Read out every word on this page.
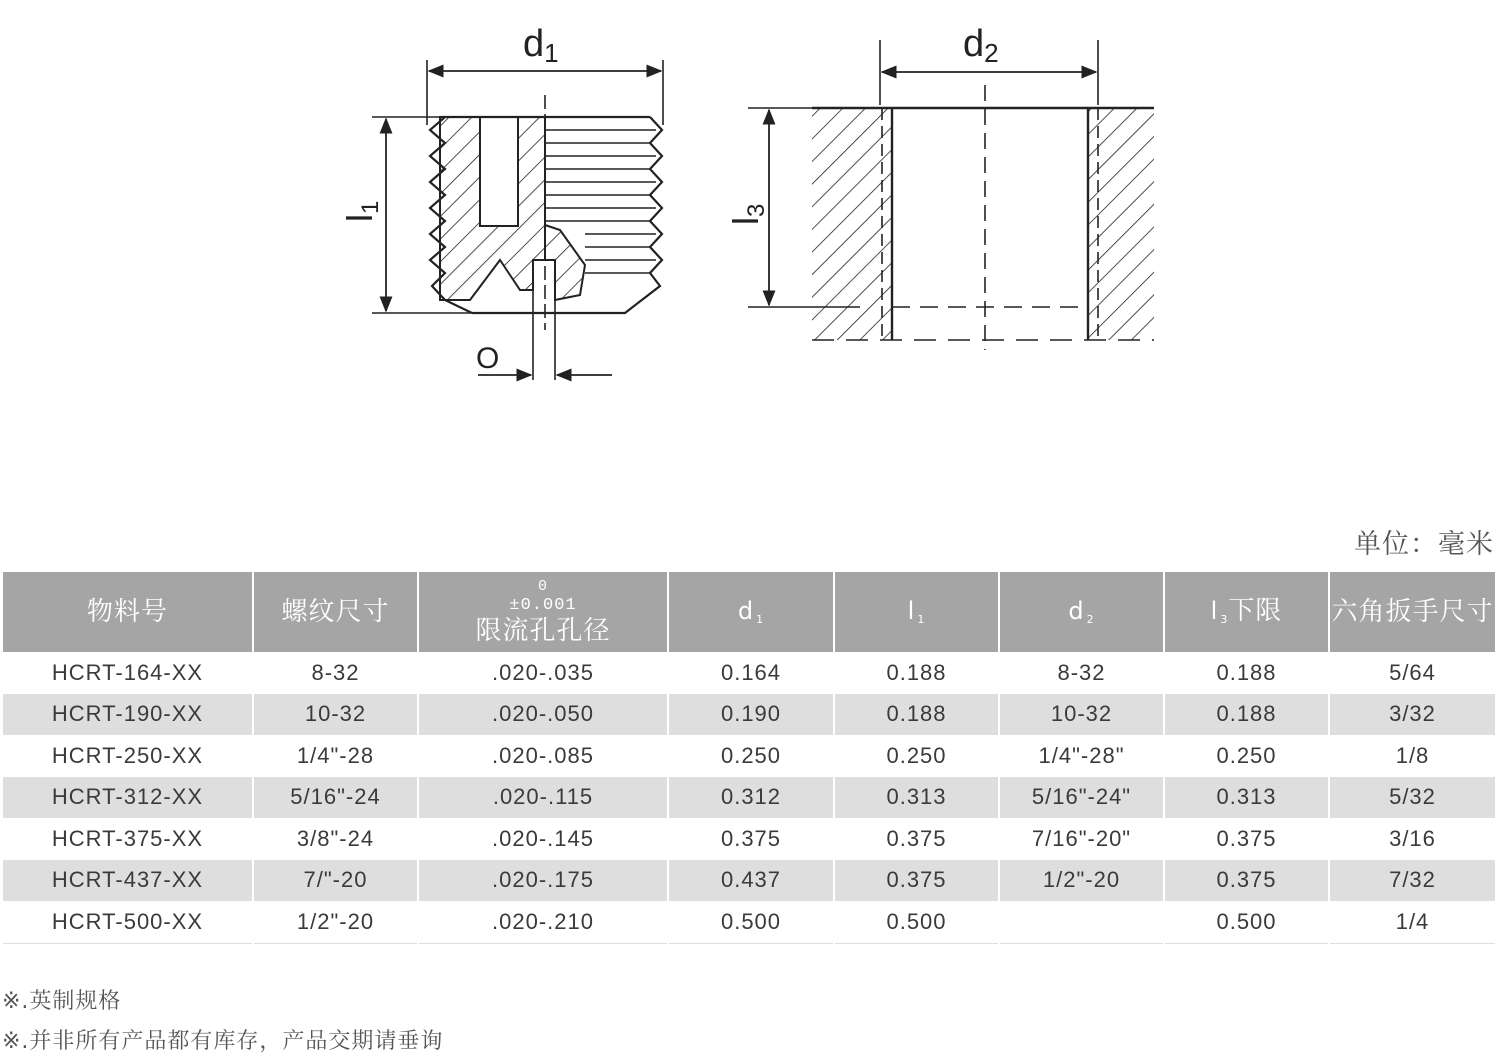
d1
l1
O
d2
l3
单位：毫米
物料号	螺纹尺寸	0
±0.001
限流孔孔径	d $_1$	l $_1$	d $_2$	l $_3$下限	六角扳手尺寸
HCRT-164-XX	8-32	.020-.035	0.164	0.188	8-32	0.188	5/64
HCRT-190-XX	10-32	.020-.050	0.190	0.188	10-32	0.188	3/32
HCRT-250-XX	1/4"-28	.020-.085	0.250	0.250	1/4"-28"	0.250	1/8
HCRT-312-XX	5/16"-24	.020-.115	0.312	0.313	5/16"-24"	0.313	5/32
HCRT-375-XX	3/8"-24	.020-.145	0.375	0.375	7/16"-20"	0.375	3/16
HCRT-437-XX	7/"-20	.020-.175	0.437	0.375	1/2"-20	0.375	7/32
HCRT-500-XX	1/2"-20	.020-.210	0.500	0.500		0.500	1/4
※.英制规格
※.并非所有产品都有库存，产品交期请垂询
